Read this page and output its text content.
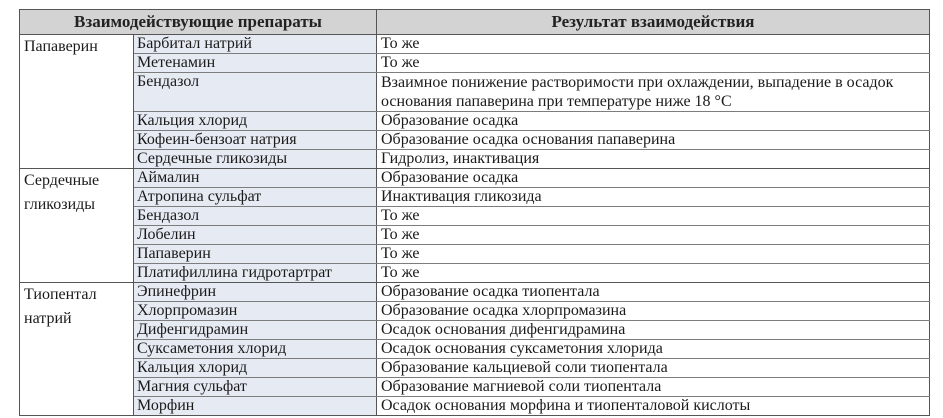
Взаимодействующие препараты		Результат взаимодействия
Папаверин	Барбитал натрий	То же
	Метенамин	То же
	Бендазол	Взаимное понижение растворимости при охлаждении, выпадение в осадок основания папаверина при температуре ниже 18 °C
	Кальция хлорид	Образование осадка
	Кофеин-бензоат натрия	Образование осадка основания папаверина
	Сердечные гликозиды	Гидролиз, инактивация
Сердечные гликозиды	Аймалин	Образование осадка
	Атропина сульфат	Инактивация гликозида
	Бендазол	То же
	Лобелин	То же
	Папаверин	То же
	Платифиллина гидротартрат	То же
Тиопентал натрий	Эпинефрин	Образование осадка тиопентала
	Хлорпромазин	Образование осадка хлорпромазина
	Дифенгидрамин	Осадок основания дифенгидрамина
	Суксаметония хлорид	Осадок основания суксаметония хлорида
	Кальция хлорид	Образование кальциевой соли тиопентала
	Магния сульфат	Образование магниевой соли тиопентала
	Морфин	Осадок основания морфина и тиопенталовой кислоты
